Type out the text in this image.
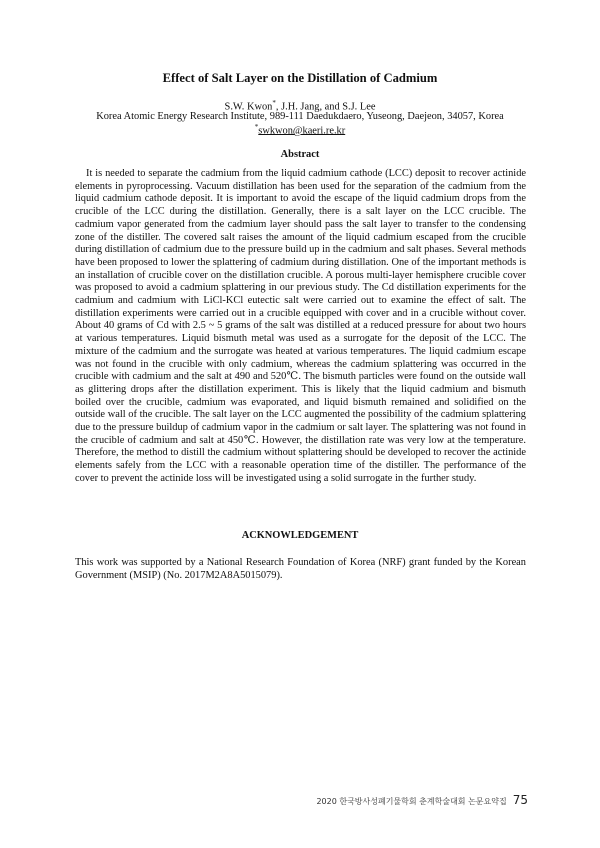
Effect of Salt Layer on the Distillation of Cadmium
S.W. Kwon*, J.H. Jang, and S.J. Lee
Korea Atomic Energy Research Institute, 989-111 Daedukdaero, Yuseong, Daejeon, 34057, Korea
*swkwon@kaeri.re.kr
Abstract

It is needed to separate the cadmium from the liquid cadmium cathode (LCC) deposit to recover actinide elements in pyroprocessing. Vacuum distillation has been used for the separation of the cadmium from the liquid cadmium cathode deposit. It is important to avoid the escape of the liquid cadmium drops from the crucible of the LCC during the distillation. Generally, there is a salt layer on the LCC crucible. The cadmium vapor generated from the cadmium layer should pass the salt layer to transfer to the condensing zone of the distiller. The covered salt raises the amount of the liquid cadmium escaped from the crucible during distillation of cadmium due to the pressure build up in the cadmium and salt phases. Several methods have been proposed to lower the splattering of cadmium during distillation. One of the important methods is an installation of crucible cover on the distillation crucible. A porous multi-layer hemisphere crucible cover was proposed to avoid a cadmium splattering in our previous study. The Cd distillation experiments for the cadmium and cadmium with LiCl-KCl eutectic salt were carried out to examine the effect of salt. The distillation experiments were carried out in a crucible equipped with cover and in a crucible without cover. About 40 grams of Cd with 2.5 ~ 5 grams of the salt was distilled at a reduced pressure for about two hours at various temperatures. Liquid bismuth metal was used as a surrogate for the deposit of the LCC. The mixture of the cadmium and the surrogate was heated at various temperatures. The liquid cadmium escape was not found in the crucible with only cadmium, whereas the cadmium splattering was occurred in the crucible with cadmium and the salt at 490 and 520℃. The bismuth particles were found on the outside wall as glittering drops after the distillation experiment. This is likely that the liquid cadmium and bismuth boiled over the crucible, cadmium was evaporated, and liquid bismuth remained and solidified on the outside wall of the crucible. The salt layer on the LCC augmented the possibility of the cadmium splattering due to the pressure buildup of cadmium vapor in the cadmium or salt layer. The splattering was not found in the crucible of cadmium and salt at 450℃. However, the distillation rate was very low at the temperature. Therefore, the method to distill the cadmium without splattering should be developed to recover the actinide elements safely from the LCC with a reasonable operation time of the distiller. The performance of the cover to prevent the actinide loss will be investigated using a solid surrogate in the further study.

ACKNOWLEDGEMENT

This work was supported by a National Research Foundation of Korea (NRF) grant funded by the Korean Government (MSIP) (No. 2017M2A8A5015079).

2020 한국방사성폐기물학회 춘계학술대회 논문요약집 75
